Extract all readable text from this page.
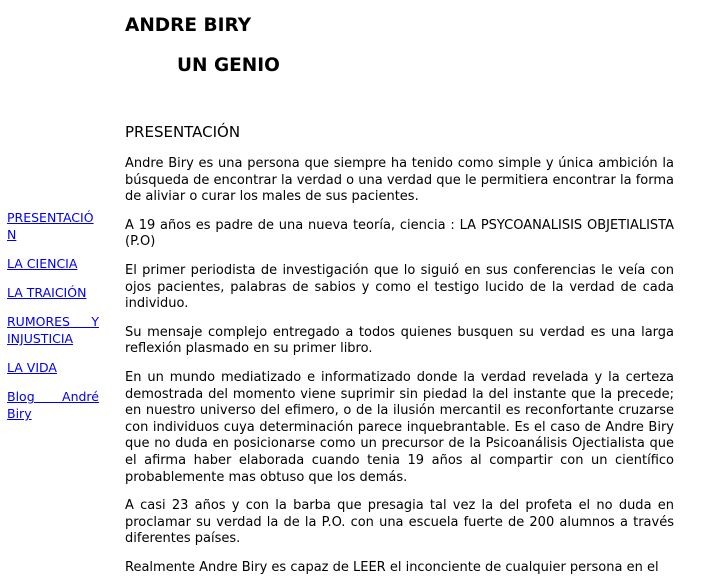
PRESENTACIÓN
LA CIENCIA
LA TRAICIÓN
RUMORES Y INJUSTICIA
LA VIDA
Blog André Biry
ANDRE BIRY
UN GENIO
PRESENTACIÓN

Andre Biry es una persona que siempre ha tenido como simple y única ambición la búsqueda de encontrar la verdad o una verdad que le permitiera encontrar la forma de aliviar o curar los males de sus pacientes.

A 19 años es padre de una nueva teoría, ciencia : LA PSYCOANALISIS OBJETIALISTA (P.O)

El primer periodista de investigación que lo siguió en sus conferencias le veía con ojos pacientes, palabras de sabios y como el testigo lucido de la verdad de cada individuo.

Su mensaje complejo entregado a todos quienes busquen su verdad es una larga reflexión plasmado en su primer libro.

En un mundo mediatizado e informatizado donde la verdad revelada y la certeza demostrada del momento viene suprimir sin piedad la del instante que la precede; en nuestro universo del efimero, o de la ilusión mercantil es reconfortante cruzarse con individuos cuya determinación parece inquebrantable. Es el caso de Andre Biry que no duda en posicionarse como un precursor de la Psicoanálisis Ojectialista que el afirma haber elaborada cuando tenia 19 años al compartir con un científico probablemente mas obtuso que los demás.

A casi 23 años y con la barba que presagia tal vez la del profeta el no duda en proclamar su verdad la de la P.O. con una escuela fuerte de 200 alumnos a través diferentes países.

Realmente Andre Biry es capaz de LEER el inconciente de cualquier persona en el
